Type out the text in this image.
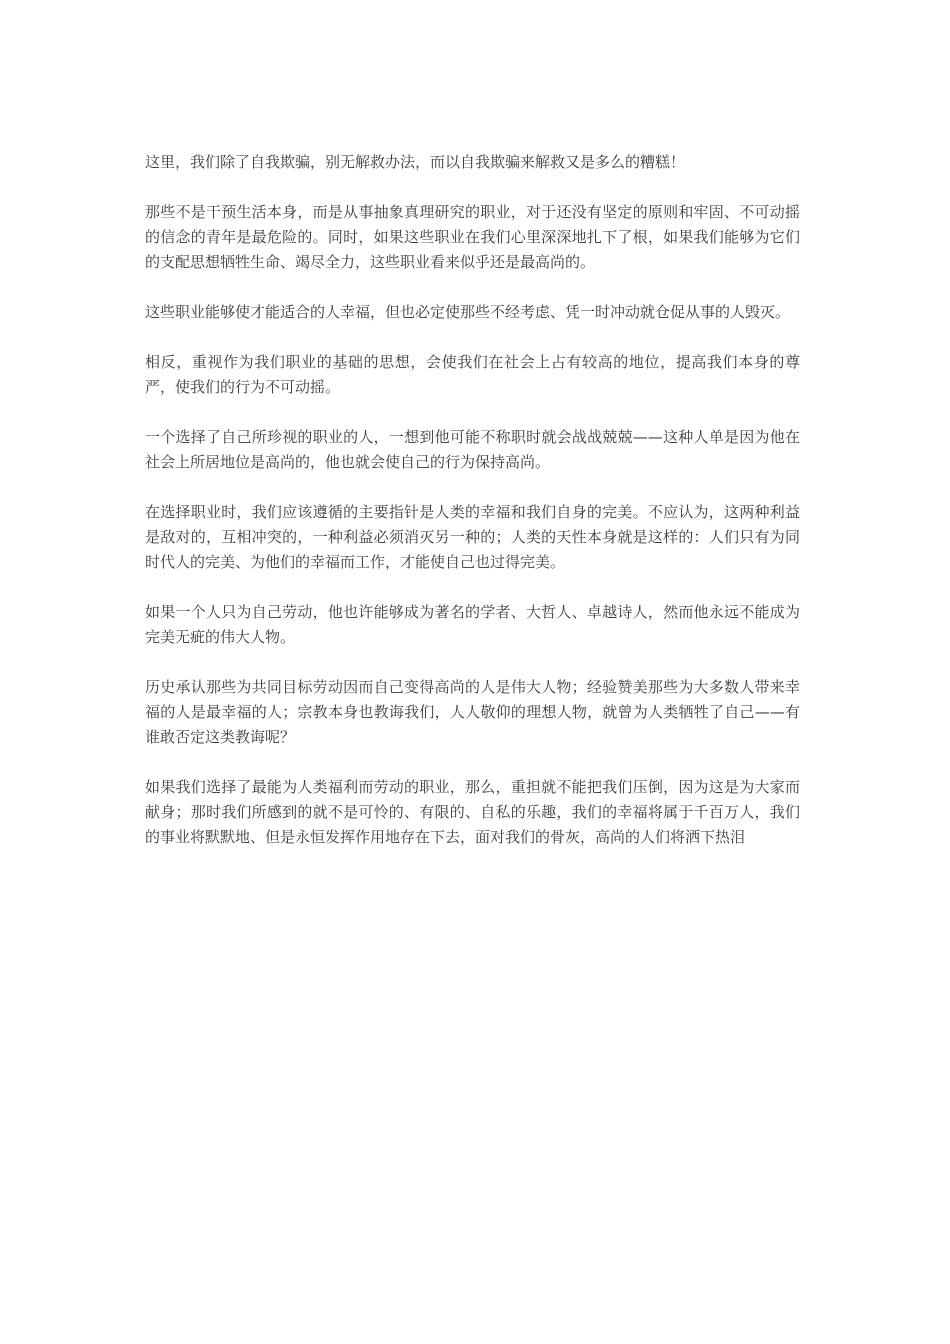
这里，我们除了自我欺骗，别无解救办法，而以自我欺骗来解救又是多么的糟糕！

那些不是干预生活本身，而是从事抽象真理研究的职业，对于还没有坚定的原则和牢固、不可动摇的信念的青年是最危险的。同时，如果这些职业在我们心里深深地扎下了根，如果我们能够为它们的支配思想牺牲生命、竭尽全力，这些职业看来似乎还是最高尚的。

这些职业能够使才能适合的人幸福，但也必定使那些不经考虑、凭一时冲动就仓促从事的人毁灭。

相反，重视作为我们职业的基础的思想，会使我们在社会上占有较高的地位，提高我们本身的尊严，使我们的行为不可动摇。

一个选择了自己所珍视的职业的人，一想到他可能不称职时就会战战兢兢——这种人单是因为他在社会上所居地位是高尚的，他也就会使自己的行为保持高尚。

在选择职业时，我们应该遵循的主要指针是人类的幸福和我们自身的完美。不应认为，这两种利益是敌对的，互相冲突的，一种利益必须消灭另一种的；人类的天性本身就是这样的：人们只有为同时代人的完美、为他们的幸福而工作，才能使自己也过得完美。

如果一个人只为自己劳动，他也许能够成为著名的学者、大哲人、卓越诗人，然而他永远不能成为完美无疵的伟大人物。

历史承认那些为共同目标劳动因而自己变得高尚的人是伟大人物；经验赞美那些为大多数人带来幸福的人是最幸福的人；宗教本身也教诲我们，人人敬仰的理想人物，就曾为人类牺牲了自己——有谁敢否定这类教诲呢？

如果我们选择了最能为人类福利而劳动的职业，那么，重担就不能把我们压倒，因为这是为大家而献身；那时我们所感到的就不是可怜的、有限的、自私的乐趣，我们的幸福将属于千百万人，我们的事业将默默地、但是永恒发挥作用地存在下去，面对我们的骨灰，高尚的人们将洒下热泪
